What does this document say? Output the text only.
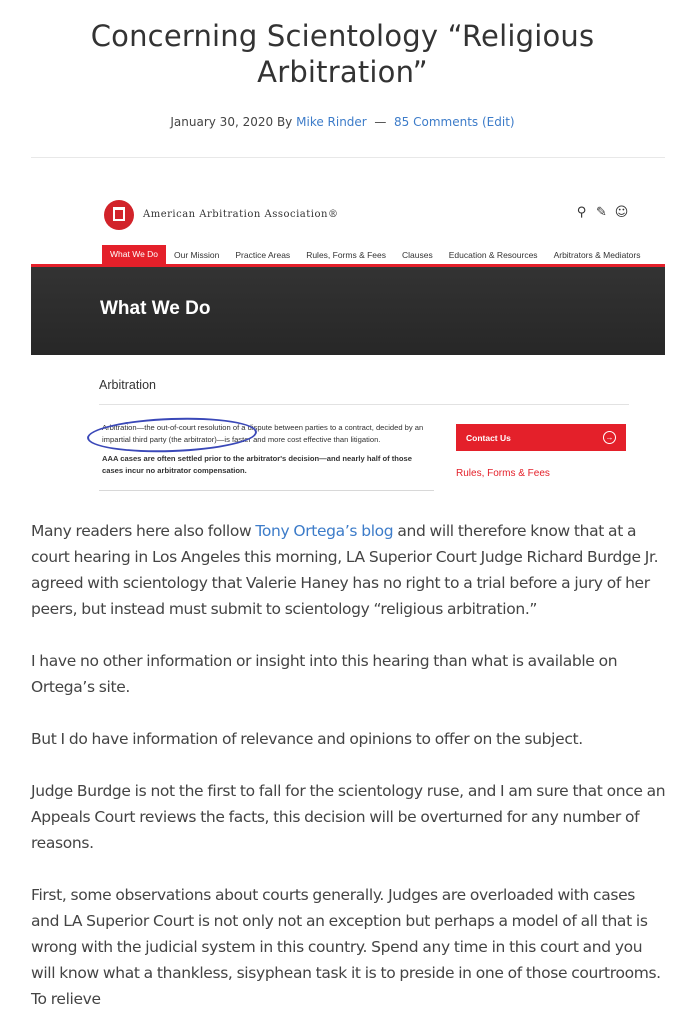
Concerning Scientology “Religious Arbitration”
January 30, 2020 By Mike Rinder — 85 Comments (Edit)
American Arbitration Association®	⚲ ✎ ☺
What We Do	Our Mission	Practice Areas	Rules, Forms & Fees	Clauses	Education & Resources	Arbitrators & Mediators
What We Do
Arbitration
Arbitration—the out-of-court resolution of a dispute between parties to a contract, decided by an impartial third party (the arbitrator)—is faster and more cost effective than litigation.
AAA cases are often settled prior to the arbitrator's decision—and nearly half of those cases incur no arbitrator compensation.
Contact Us	→
Rules, Forms & Fees

Many readers here also follow Tony Ortega’s blog and will therefore know that at a court hearing in Los Angeles this morning, LA Superior Court Judge Richard Burdge Jr. agreed with scientology that Valerie Haney has no right to a trial before a jury of her peers, but instead must submit to scientology “religious arbitration.”

I have no other information or insight into this hearing than what is available on Ortega’s site.

But I do have information of relevance and opinions to offer on the subject.

Judge Burdge is not the first to fall for the scientology ruse, and I am sure that once an Appeals Court reviews the facts, this decision will be overturned for any number of reasons.

First, some observations about courts generally. Judges are overloaded with cases and LA Superior Court is not only not an exception but perhaps a model of all that is wrong with the judicial system in this country. Spend any time in this court and you will know what a thankless, sisyphean task it is to preside in one of those courtrooms. To relieve
